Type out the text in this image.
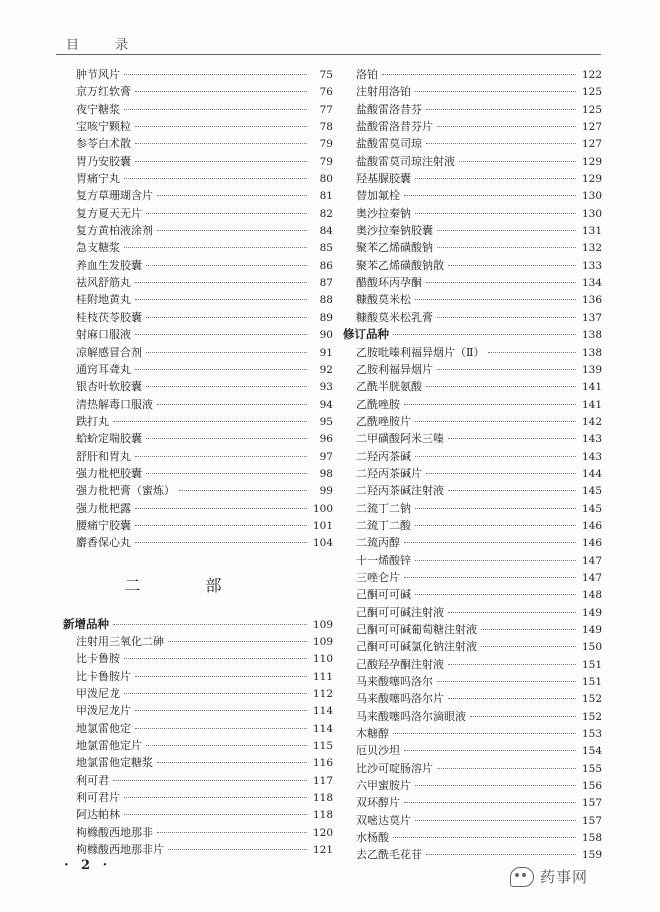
目 录
肿节风片	75
京万红软膏	76
夜宁糖浆	77
宝咳宁颗粒	78
参苓白术散	79
胃乃安胶囊	79
胃痛宁丸	80
复方草珊瑚含片	81
复方夏天无片	82
复方黄柏液涂剂	84
急支糖浆	85
养血生发胶囊	86
祛风舒筋丸	87
桂附地黄丸	88
桂枝茯苓胶囊	89
射麻口服液	90
凉解感冒合剂	91
通窍耳聋丸	92
银杏叶软胶囊	93
清热解毒口服液	94
跌打丸	95
蛤蚧定喘胶囊	96
舒肝和胃丸	97
强力枇杷胶囊	98
强力枇杷膏（蜜炼）	99
强力枇杷露	100
腰痛宁胶囊	101
麝香保心丸	104
二 部
新增品种	109
注射用三氧化二砷	109
比卡鲁胺	110
比卡鲁胺片	111
甲泼尼龙	112
甲泼尼龙片	114
地氯雷他定	114
地氯雷他定片	115
地氯雷他定糖浆	116
利可君	117
利可君片	118
阿达帕林	118
枸橼酸西地那非	120
枸橼酸西地那非片	121
洛铂	122
注射用洛铂	125
盐酸雷洛昔芬	125
盐酸雷洛昔芬片	127
盐酸雷莫司琼	127
盐酸雷莫司琼注射液	129
羟基脲胶囊	129
替加氟栓	130
奥沙拉秦钠	130
奥沙拉秦钠胶囊	131
聚苯乙烯磺酸钠	132
聚苯乙烯磺酸钠散	133
醋酸环丙孕酮	134
糠酸莫米松	136
糠酸莫米松乳膏	137
修订品种	138
乙胺吡嗪利福异烟片（Ⅱ）	138
乙胺利福异烟片	139
乙酰半胱氨酸	141
乙酰唑胺	141
乙酰唑胺片	142
二甲磺酸阿米三嗪	143
二羟丙茶碱	143
二羟丙茶碱片	144
二羟丙茶碱注射液	145
二巯丁二钠	145
二巯丁二酸	146
二巯丙醇	146
十一烯酸锌	147
三唑仑片	147
己酮可可碱	148
己酮可可碱注射液	149
己酮可可碱葡萄糖注射液	149
己酮可可碱氯化钠注射液	150
己酸羟孕酮注射液	151
马来酸噻吗洛尔	151
马来酸噻吗洛尔片	152
马来酸噻吗洛尔滴眼液	152
木糖醇	153
厄贝沙坦	154
比沙可啶肠溶片	155
六甲蜜胺片	156
双环醇片	157
双嘧达莫片	157
水杨酸	158
去乙酰毛花苷	159
· 2 ·
药事网
